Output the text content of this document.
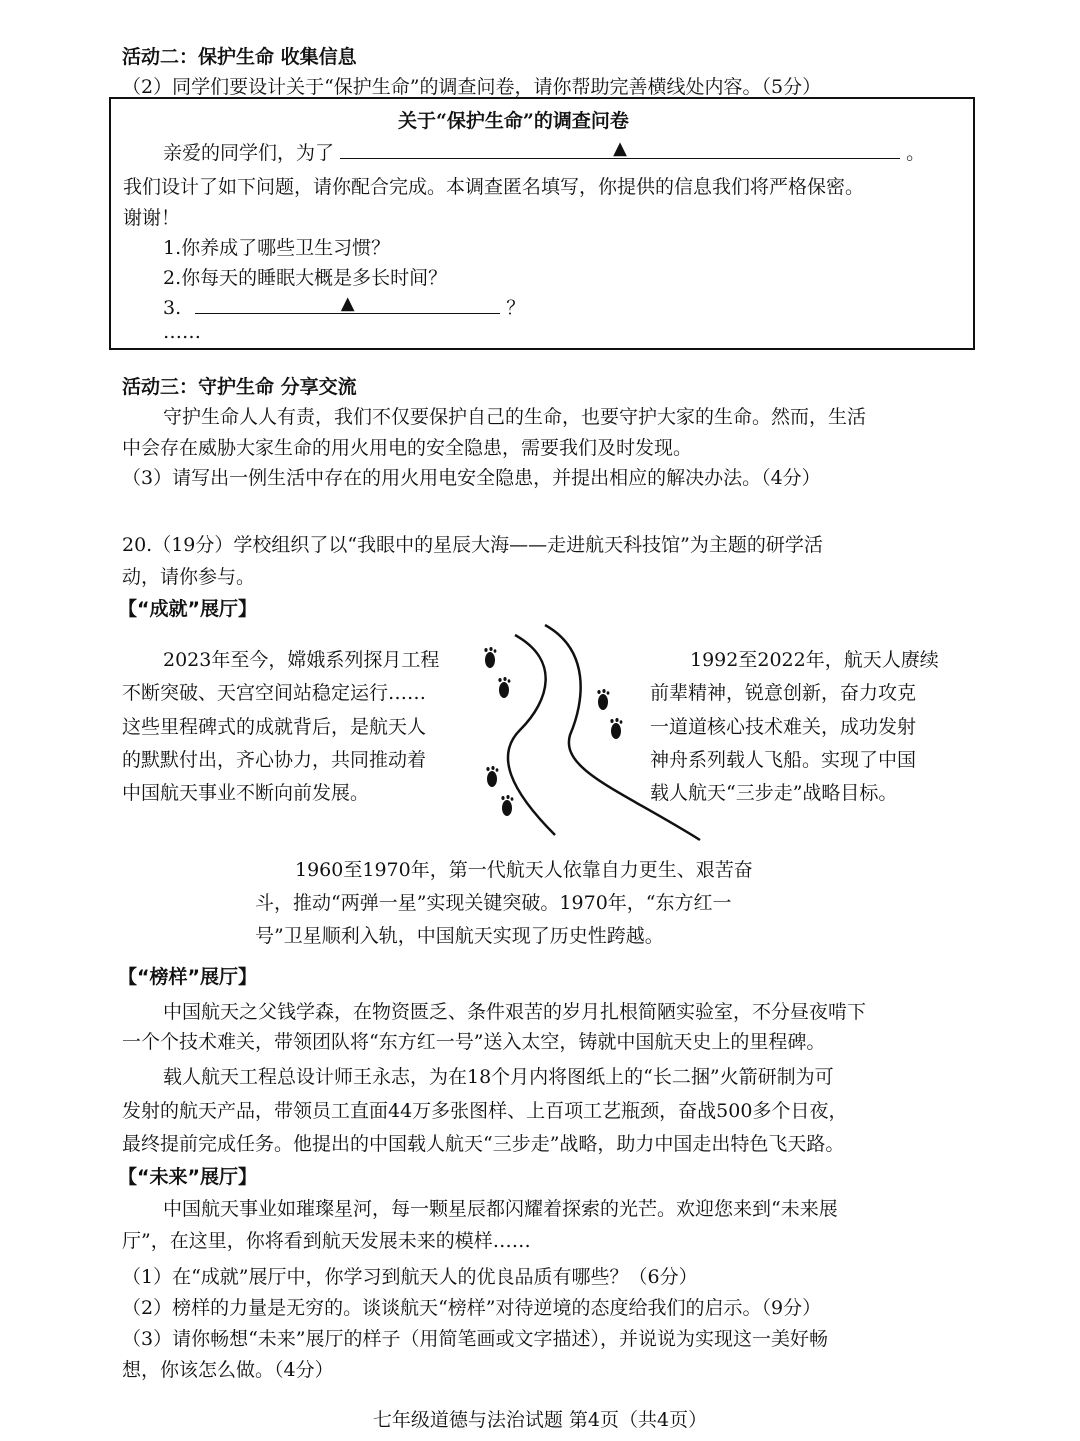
活动二：保护生命 收集信息
（2）同学们要设计关于“保护生命”的调查问卷，请你帮助完善横线处内容。（5分）
关于“保护生命”的调查问卷
亲爱的同学们，为了	▲	。
我们设计了如下问题，请你配合完成。本调查匿名填写，你提供的信息我们将严格保密。
谢谢！
1.你养成了哪些卫生习惯？
2.你每天的睡眠大概是多长时间？
3.	▲	？
……
活动三：守护生命 分享交流
守护生命人人有责，我们不仅要保护自己的生命，也要守护大家的生命。然而，生活
中会存在威胁大家生命的用火用电的安全隐患，需要我们及时发现。
（3）请写出一例生活中存在的用火用电安全隐患，并提出相应的解决办法。（4分）
20.（19分）学校组织了以“我眼中的星辰大海——走进航天科技馆”为主题的研学活
动，请你参与。
【“成就”展厅】
2023年至今，嫦娥系列探月工程
不断突破、天宫空间站稳定运行……
这些里程碑式的成就背后，是航天人
的默默付出，齐心协力，共同推动着
中国航天事业不断向前发展。
1992至2022年，航天人赓续
前辈精神，锐意创新，奋力攻克
一道道核心技术难关，成功发射
神舟系列载人飞船。实现了中国
载人航天“三步走”战略目标。
1960至1970年，第一代航天人依靠自力更生、艰苦奋
斗，推动“两弹一星”实现关键突破。1970年，“东方红一
号”卫星顺利入轨，中国航天实现了历史性跨越。
【“榜样”展厅】
中国航天之父钱学森，在物资匮乏、条件艰苦的岁月扎根简陋实验室，不分昼夜啃下
一个个技术难关，带领团队将“东方红一号”送入太空，铸就中国航天史上的里程碑。
载人航天工程总设计师王永志，为在18个月内将图纸上的“长二捆”火箭研制为可
发射的航天产品，带领员工直面44万多张图样、上百项工艺瓶颈，奋战500多个日夜，
最终提前完成任务。他提出的中国载人航天“三步走”战略，助力中国走出特色飞天路。
【“未来”展厅】
中国航天事业如璀璨星河，每一颗星辰都闪耀着探索的光芒。欢迎您来到“未来展
厅”，在这里，你将看到航天发展未来的模样……
（1）在“成就”展厅中，你学习到航天人的优良品质有哪些？（6分）
（2）榜样的力量是无穷的。谈谈航天“榜样”对待逆境的态度给我们的启示。（9分）
（3）请你畅想“未来”展厅的样子（用简笔画或文字描述），并说说为实现这一美好畅
想，你该怎么做。（4分）
七年级道德与法治试题 第4页（共4页）
